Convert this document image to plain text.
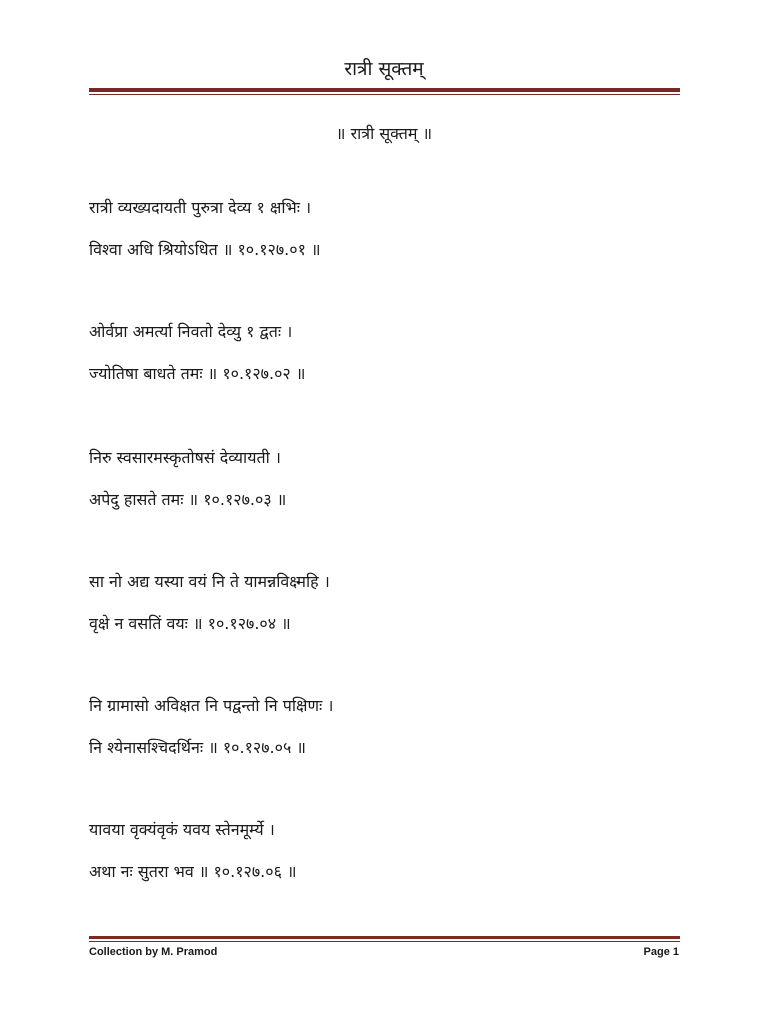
रात्री सूक्तम्
॥ रात्री सूक्तम् ॥
रात्री व्यख्यदायती पुरुत्रा देव्य १ क्षभिः ।
विश्वा अधि श्रियोऽधित ॥ १०.१२७.०१ ॥
ओर्वप्रा अमर्त्या निवतो देव्यु १ द्वतः ।
ज्योतिषा बाधते तमः ॥ १०.१२७.०२ ॥
निरु स्वसारमस्कृतोषसं देव्यायती ।
अपेदु हासते तमः ॥ १०.१२७.०३ ॥
सा नो अद्य यस्या वयं नि ते यामन्नविक्ष्महि ।
वृक्षे न वसतिं वयः ॥ १०.१२७.०४ ॥
नि ग्रामासो अविक्षत नि पद्वन्तो नि पक्षिणः ।
नि श्येनासश्चिदर्थिनः ॥ १०.१२७.०५ ॥
यावया वृक्यंवृकं यवय स्तेनमूर्म्ये ।
अथा नः सुतरा भव ॥ १०.१२७.०६ ॥
Collection by M. Pramod	Page 1
